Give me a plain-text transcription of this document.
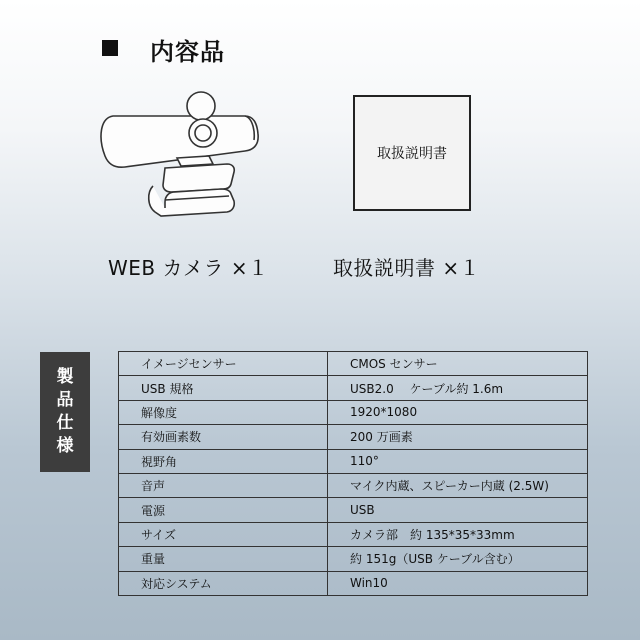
内容品
取扱説明書
WEB カメラ ×１	取扱説明書 ×１
製
品
仕
様
イメージセンサー	CMOS センサー
USB 規格	USB2.0　 ケーブル約 1.6m
解像度	1920*1080
有効画素数	200 万画素
視野角	110°
音声	マイク内蔵、スピーカー内蔵 (2.5W)
電源	USB
サイズ	カメラ部　約 135*35*33mm
重量	約 151g（USB ケーブル含む）
対応システム	Win10
